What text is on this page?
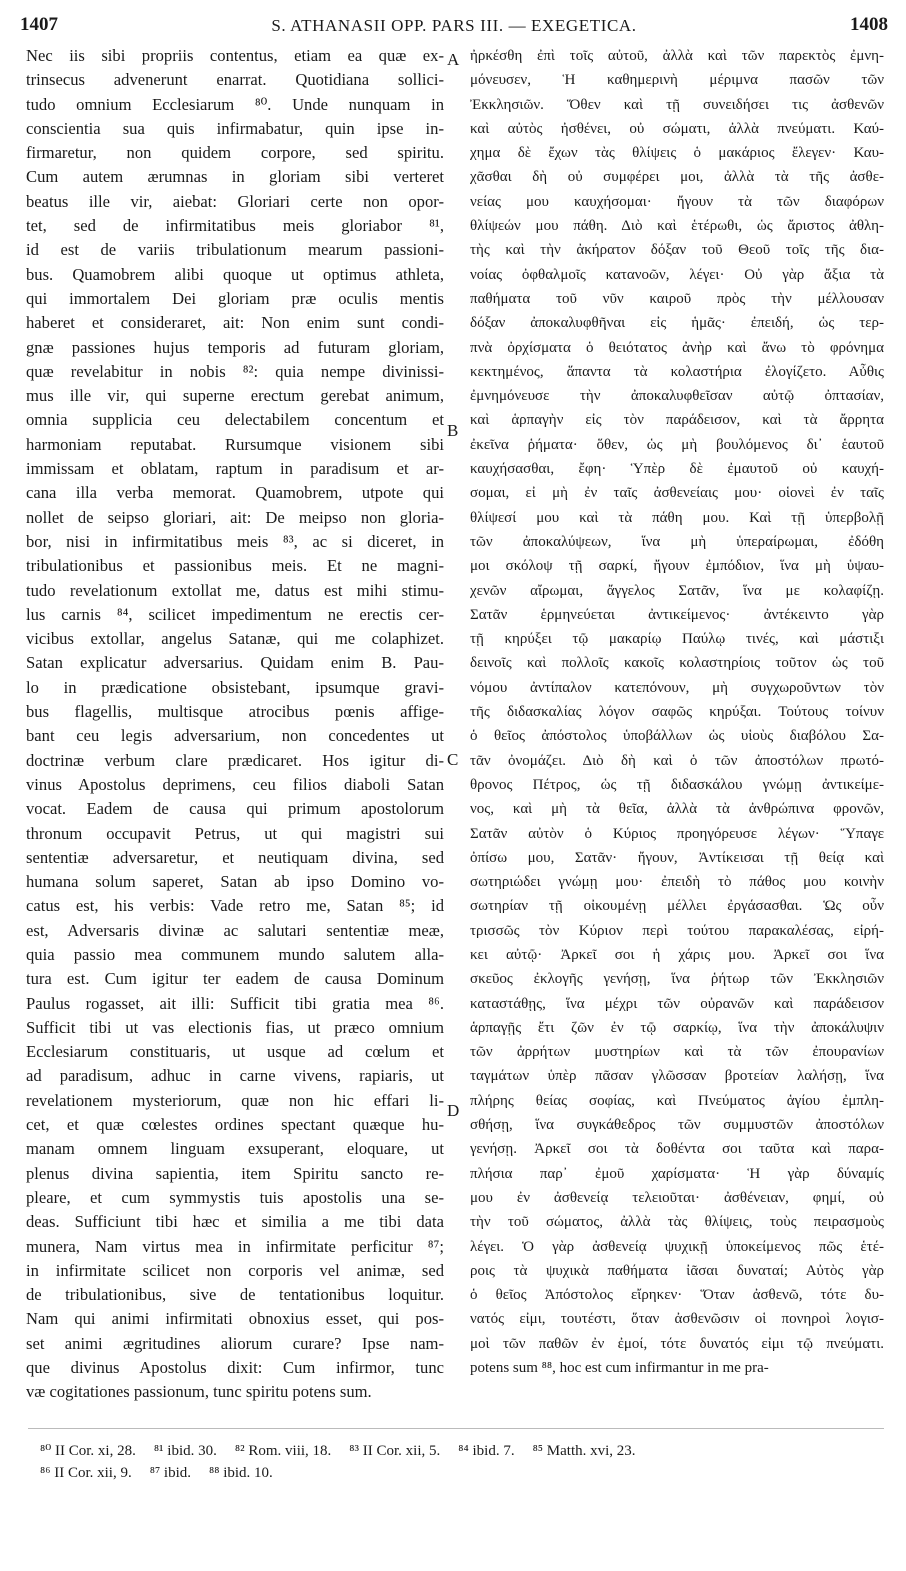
1407	S. ATHANASII OPP. PARS III. — EXEGETICA.	1408
Nec iis sibi propriis contentus, etiam ea quæ ex-
trinsecus advenerunt enarrat. Quotidiana sollici-
tudo omnium Ecclesiarum ⁸⁰. Unde nunquam in
conscientia sua quis infirmabatur, quin ipse in-
firmaretur, non quidem corpore, sed spiritu.
Cum autem ærumnas in gloriam sibi verteret
beatus ille vir, aiebat: Gloriari certe non opor-
tet, sed de infirmitatibus meis gloriabor ⁸¹,
id est de variis tribulationum mearum passioni-
bus. Quamobrem alibi quoque ut optimus athleta,
qui immortalem Dei gloriam præ oculis mentis
haberet et consideraret, ait: Non enim sunt condi-
gnæ passiones hujus temporis ad futuram gloriam,
quæ revelabitur in nobis ⁸²: quia nempe divinissi-
mus ille vir, qui superne erectum gerebat animum,
omnia supplicia ceu delectabilem concentum et
harmoniam reputabat. Rursumque visionem sibi
immissam et oblatam, raptum in paradisum et ar-
cana illa verba memorat. Quamobrem, utpote qui
nollet de seipso gloriari, ait: De meipso non gloria-
bor, nisi in infirmitatibus meis ⁸³, ac si diceret, in
tribulationibus et passionibus meis. Et ne magni-
tudo revelationum extollat me, datus est mihi stimu-
lus carnis ⁸⁴, scilicet impedimentum ne erectis cer-
vicibus extollar, angelus Satanæ, qui me colaphizet.
Satan explicatur adversarius. Quidam enim B. Pau-
lo in prædicatione obsistebant, ipsumque gravi-
bus flagellis, multisque atrocibus pœnis affige-
bant ceu legis adversarium, non concedentes ut
doctrinæ verbum clare prædicaret. Hos igitur di-
vinus Apostolus deprimens, ceu filios diaboli Satan
vocat. Eadem de causa qui primum apostolorum
thronum occupavit Petrus, ut qui magistri sui
sententiæ adversaretur, et neutiquam divina, sed
humana solum saperet, Satan ab ipso Domino vo-
catus est, his verbis: Vade retro me, Satan ⁸⁵; id
est, Adversaris divinæ ac salutari sententiæ meæ,
quia passio mea communem mundo salutem alla-
tura est. Cum igitur ter eadem de causa Dominum
Paulus rogasset, ait illi: Sufficit tibi gratia mea ⁸⁶.
Sufficit tibi ut vas electionis fias, ut præco omnium
Ecclesiarum constituaris, ut usque ad cœlum et
ad paradisum, adhuc in carne vivens, rapiaris, ut
revelationem mysteriorum, quæ non hic effari li-
cet, et quæ cœlestes ordines spectant quæque hu-
manam omnem linguam exsuperant, eloquare, ut
plenus divina sapientia, item Spiritu sancto re-
pleare, et cum symmystis tuis apostolis una se-
deas. Sufficiunt tibi hæc et similia a me tibi data
munera, Nam virtus mea in infirmitate perficitur ⁸⁷;
in infirmitate scilicet non corporis vel animæ, sed
de tribulationibus, sive de tentationibus loquitur.
Nam qui animi infirmitati obnoxius esset, qui pos-
set animi ægritudines aliorum curare? Ipse nam-
que divinus Apostolus dixit: Cum infirmor, tunc
væ cogitationes passionum, tunc spiritu potens sum.
A
B
C
D
ἠρκέσθη ἐπὶ τοῖς αὐτοῦ, ἀλλὰ καὶ τῶν παρεκτὸς ἐμνη-
μόνευσεν, Ἡ καθημερινὴ μέριμνα πασῶν τῶν
Ἐκκλησιῶν. Ὅθεν καὶ τῇ συνειδήσει τις ἀσθενῶν
καὶ αὐτὸς ἠσθένει, οὐ σώματι, ἀλλὰ πνεύματι. Καύ-
χημα δὲ ἔχων τὰς θλίψεις ὁ μακάριος ἔλεγεν· Καυ-
χᾶσθαι δὴ οὐ συμφέρει μοι, ἀλλὰ τὰ τῆς ἀσθε-
νείας μου καυχήσομαι· ἤγουν τὰ τῶν διαφόρων
θλίψεών μου πάθη. Διὸ καὶ ἑτέρωθι, ὡς ἄριστος ἀθλη-
τὴς καὶ τὴν ἀκήρατον δόξαν τοῦ Θεοῦ τοῖς τῆς δια-
νοίας ὀφθαλμοῖς κατανοῶν, λέγει· Οὐ γὰρ ἄξια τὰ
παθήματα τοῦ νῦν καιροῦ πρὸς τὴν μέλλουσαν
δόξαν ἀποκαλυφθῆναι εἰς ἡμᾶς· ἐπειδή, ὡς τερ-
πνὰ ὀρχίσματα ὁ θειότατος ἀνὴρ καὶ ἄνω τὸ φρόνημα
κεκτημένος, ἅπαντα τὰ κολαστήρια ἐλογίζετο. Αὖθις
ἐμνημόνευσε τὴν ἀποκαλυφθεῖσαν αὐτῷ ὀπτασίαν,
καὶ ἁρπαγὴν εἰς τὸν παράδεισον, καὶ τὰ ἄρρητα
ἐκεῖνα ῥήματα· ὅθεν, ὡς μὴ βουλόμενος δι᾽ ἑαυτοῦ
καυχήσασθαι, ἔφη· Ὑπὲρ δὲ ἐμαυτοῦ οὐ καυχή-
σομαι, εἰ μὴ ἐν ταῖς ἀσθενείαις μου· οἱονεὶ ἐν ταῖς
θλίψεσί μου καὶ τὰ πάθη μου. Καὶ τῇ ὑπερβολῇ
τῶν ἀποκαλύψεων, ἵνα μὴ ὑπεραίρωμαι, ἐδόθη
μοι σκόλοψ τῇ σαρκί, ἤγουν ἐμπόδιον, ἵνα μὴ ὑψαυ-
χενῶν αἴρωμαι, ἄγγελος Σατᾶν, ἵνα με κολαφίζῃ.
Σατᾶν ἑρμηνεύεται ἀντικείμενος· ἀντέκειντο γὰρ
τῇ κηρύξει τῷ μακαρίῳ Παύλῳ τινές, καὶ μάστιξι
δεινοῖς καὶ πολλοῖς κακοῖς κολαστηρίοις τοῦτον ὡς τοῦ
νόμου ἀντίπαλον κατεπόνουν, μὴ συγχωροῦντων τὸν
τῆς διδασκαλίας λόγον σαφῶς κηρύξαι. Τούτους τοίνυν
ὁ θεῖος ἀπόστολος ὑποβάλλων ὡς υἱοὺς διαβόλου Σα-
τᾶν ὀνομάζει. Διὸ δὴ καὶ ὁ τῶν ἀποστόλων πρωτό-
θρονος Πέτρος, ὡς τῇ διδασκάλου γνώμῃ ἀντικείμε-
νος, καὶ μὴ τὰ θεῖα, ἀλλὰ τὰ ἀνθρώπινα φρονῶν,
Σατᾶν αὐτὸν ὁ Κύριος προηγόρευσε λέγων· Ὕπαγε
ὀπίσω μου, Σατᾶν· ἤγουν, Ἀντίκεισαι τῇ θείᾳ καὶ
σωτηριώδει γνώμῃ μου· ἐπειδὴ τὸ πάθος μου κοινὴν
σωτηρίαν τῇ οἰκουμένῃ μέλλει ἐργάσασθαι. Ὡς οὖν
τρισσῶς τὸν Κύριον περὶ τούτου παρακαλέσας, εἰρή-
κει αὐτῷ· Ἀρκεῖ σοι ἡ χάρις μου. Ἀρκεῖ σοι ἵνα
σκεῦος ἐκλογῆς γενήσῃ, ἵνα ῥήτωρ τῶν Ἐκκλησιῶν
καταστάθῃς, ἵνα μέχρι τῶν οὐρανῶν καὶ παράδεισον
ἁρπαγῇς ἔτι ζῶν ἐν τῷ σαρκίῳ, ἵνα τὴν ἀποκάλυψιν
τῶν ἀρρήτων μυστηρίων καὶ τὰ τῶν ἐπουρανίων
ταγμάτων ὑπὲρ πᾶσαν γλῶσσαν βροτείαν λαλήσῃ, ἵνα
πλήρης θείας σοφίας, καὶ Πνεύματος ἁγίου ἐμπλη-
σθήσῃ, ἵνα συγκάθεδρος τῶν συμμυστῶν ἀποστόλων
γενήσῃ. Ἀρκεῖ σοι τὰ δοθέντα σοι ταῦτα καὶ παρα-
πλήσια παρ᾽ ἐμοῦ χαρίσματα· Ἡ γὰρ δύναμίς
μου ἐν ἀσθενείᾳ τελειοῦται· ἀσθένειαν, φημί, οὐ
τὴν τοῦ σώματος, ἀλλὰ τὰς θλίψεις, τοὺς πειρασμοὺς
λέγει. Ὁ γὰρ ἀσθενείᾳ ψυχικῇ ὑποκείμενος πῶς ἑτέ-
ροις τὰ ψυχικὰ παθήματα ἰᾶσαι δυναταί; Αὐτὸς γὰρ
ὁ θεῖος Ἀπόστολος εἴρηκεν· Ὅταν ἀσθενῶ, τότε δυ-
νατός εἰμι, τουτέστι, ὅταν ἀσθενῶσιν οἱ πονηροὶ λογισ-
μοὶ τῶν παθῶν ἐν ἐμοί, τότε δυνατός εἰμι τῷ πνεύματι.
potens sum ⁸⁸, hoc est cum infirmantur in me pra-
⁸⁰ II Cor. xi, 28. ⁸¹ ibid. 30. ⁸² Rom. viii, 18. ⁸³ II Cor. xii, 5. ⁸⁴ ibid. 7. ⁸⁵ Matth. xvi, 23.
⁸⁶ II Cor. xii, 9. ⁸⁷ ibid. ⁸⁸ ibid. 10.
